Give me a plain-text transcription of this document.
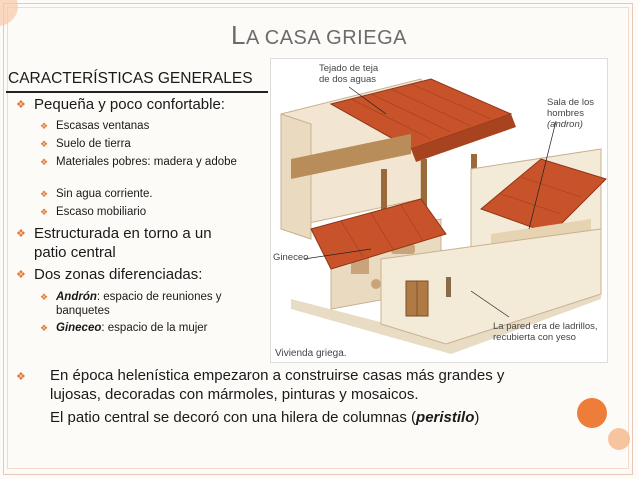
LA CASA GRIEGA
CARACTERÍSTICAS GENERALES
❖ Pequeña y poco confortable:
❖ Escasas ventanas
❖ Suelo de tierra
❖ Materiales pobres: madera y adobe
❖ Sin agua corriente.
❖ Escaso mobiliario
❖ Estructurada en torno a un
patio central
❖ Dos zonas diferenciadas:
❖ Andrón: espacio de reuniones y
banquetes
❖ Gineceo: espacio de la mujer
Tejado de teja
de dos aguas
Sala de los
hombres
(andron)
Gineceo
La pared era de ladrillos,
recubierta con yeso
Vivienda griega.
❖ En época helenística empezaron a construirse casas más grandes y
lujosas, decoradas con mármoles, pinturas y mosaicos.
El patio central se decoró con una hilera de columnas (peristilo)
